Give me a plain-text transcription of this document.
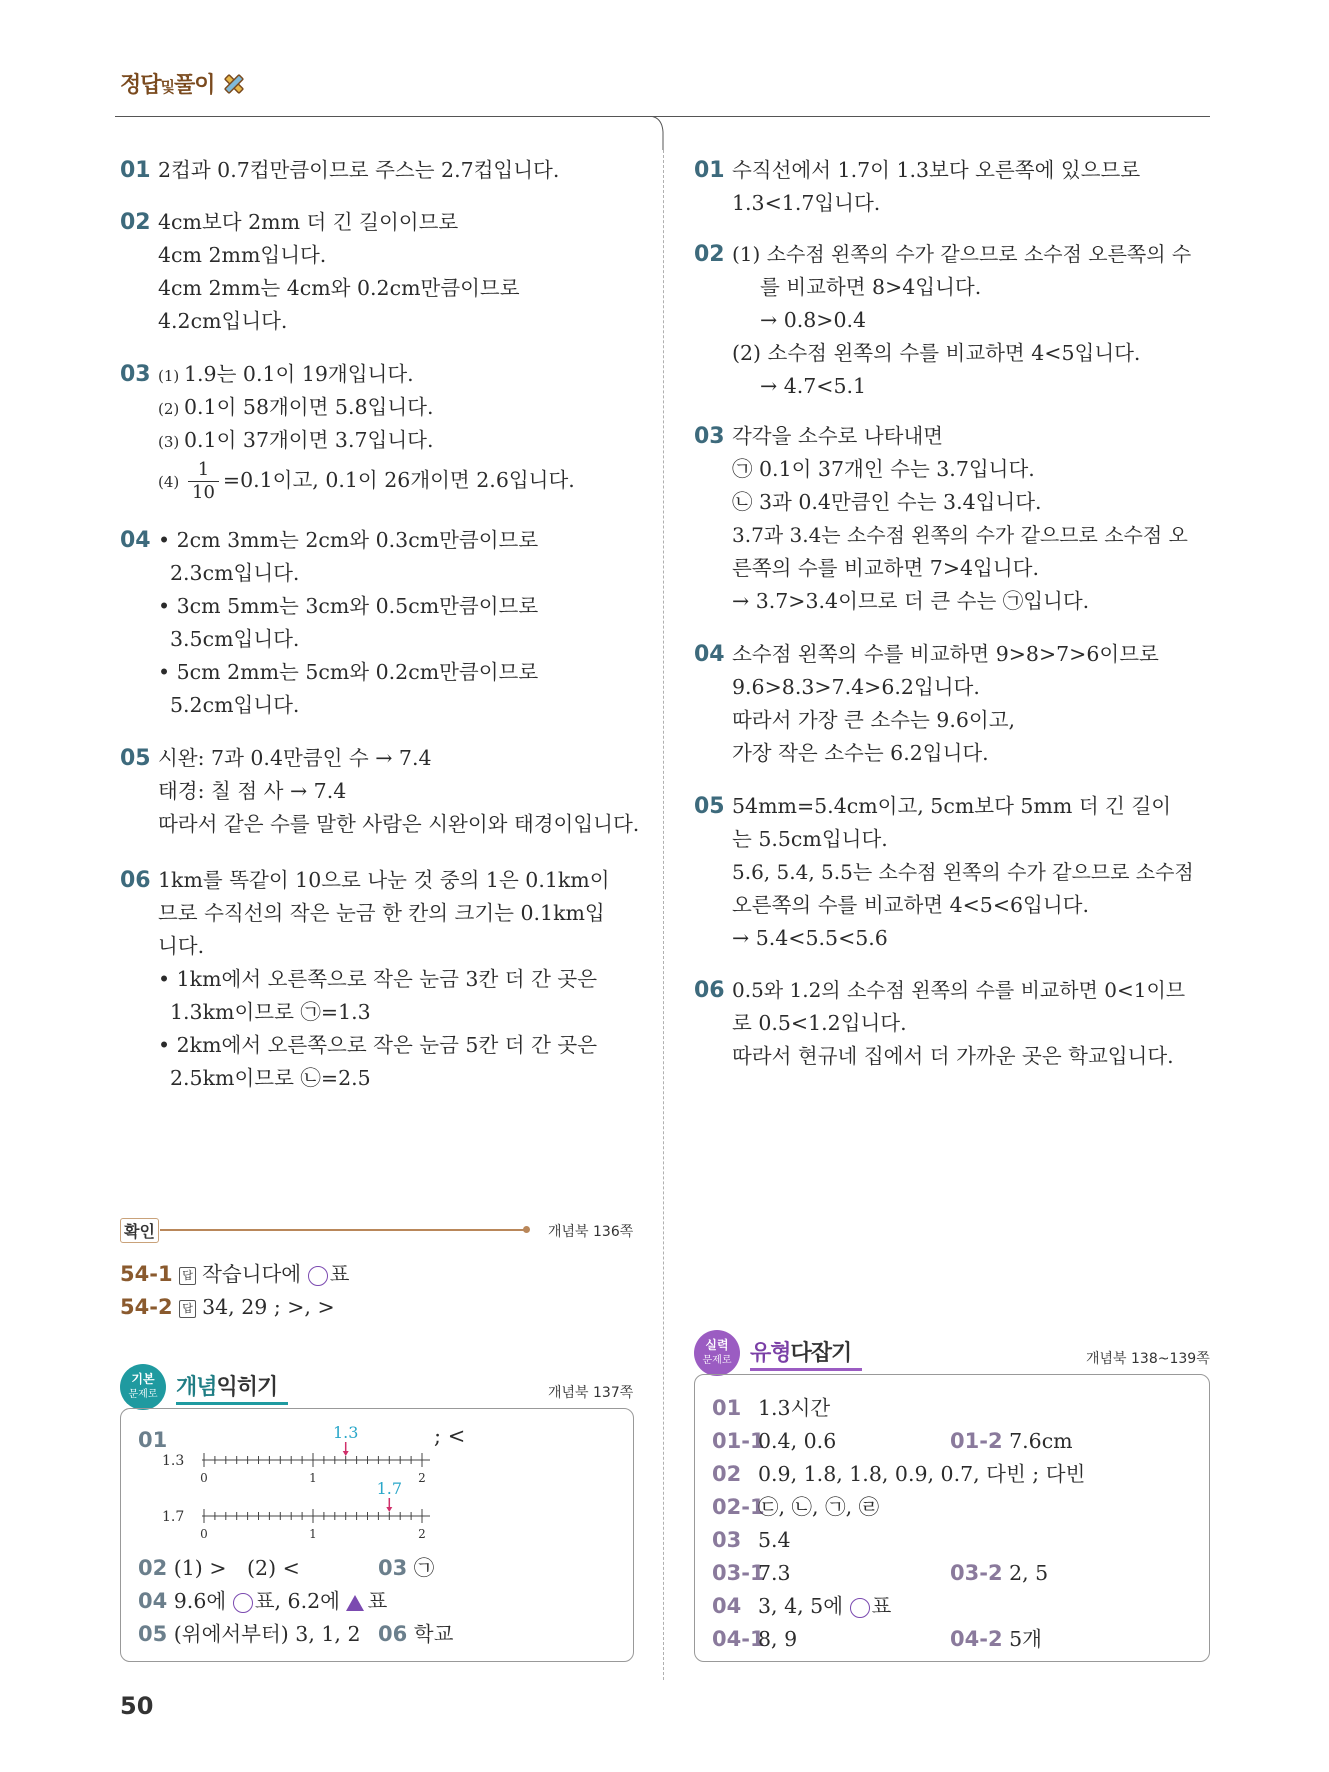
정답및풀이
01 2컵과 0.7컵만큼이므로 주스는 2.7컵입니다.
02 4cm보다 2mm 더 긴 길이이므로
4cm 2mm입니다.
4cm 2mm는 4cm와 0.2cm만큼이므로
4.2cm입니다.
03 (1) 1.9는 0.1이 19개입니다.
(2) 0.1이 58개이면 5.8입니다.
(3) 0.1이 37개이면 3.7입니다.
$(4) \frac{1}{10} =0.1$이고, 0.1이 26개이면 2.6입니다.
04 • 2cm 3mm는 2cm와 0.3cm만큼이므로
2.3cm입니다.
• 3cm 5mm는 3cm와 0.5cm만큼이므로
3.5cm입니다.
• 5cm 2mm는 5cm와 0.2cm만큼이므로
5.2cm입니다.
05 시완: 7과 0.4만큼인 수 → 7.4
태경: 칠 점 사 → 7.4
따라서 같은 수를 말한 사람은 시완이와 태경이입니다.
06 1km를 똑같이 10으로 나눈 것 중의 1은 0.1km이
므로 수직선의 작은 눈금 한 칸의 크기는 0.1km입
니다.
• 1km에서 오른쪽으로 작은 눈금 3칸 더 간 곳은
1.3km이므로 ㉠=1.3
• 2km에서 오른쪽으로 작은 눈금 5칸 더 간 곳은
2.5km이므로 ㉡=2.5
01 수직선에서 1.7이 1.3보다 오른쪽에 있으므로
1.3<1.7입니다.
02 (1) 소수점 왼쪽의 수가 같으므로 소수점 오른쪽의 수
를 비교하면 8>4입니다.
→ 0.8>0.4
(2) 소수점 왼쪽의 수를 비교하면 4<5입니다.
→ 4.7<5.1
03 각각을 소수로 나타내면
㉠ 0.1이 37개인 수는 3.7입니다.
㉡ 3과 0.4만큼인 수는 3.4입니다.
3.7과 3.4는 소수점 왼쪽의 수가 같으므로 소수점 오
른쪽의 수를 비교하면 7>4입니다.
→ 3.7>3.4이므로 더 큰 수는 ㉠입니다.
04 소수점 왼쪽의 수를 비교하면 9>8>7>6이므로
9.6>8.3>7.4>6.2입니다.
따라서 가장 큰 소수는 9.6이고,
가장 작은 소수는 6.2입니다.
05 54mm=5.4cm이고, 5cm보다 5mm 더 긴 길이
는 5.5cm입니다.
5.6, 5.4, 5.5는 소수점 왼쪽의 수가 같으므로 소수점
오른쪽의 수를 비교하면 4<5<6입니다.
→ 5.4<5.5<5.6
06 0.5와 1.2의 소수점 왼쪽의 수를 비교하면 0<1이므
로 0.5<1.2입니다.
따라서 현규네 집에서 더 가까운 곳은 학교입니다.
확인	개념북 136쪽
54-1 답 작습니다에 ○ 표
54-2 답 34, 29 ; >, >
기본
문제로 개념익히기	개념북 137쪽
01	; <
1.3
0	1	2
1.3
1.7
0	1	2
1.7
02 (1) > (2) <	03 ㉠
04 9.6에 ○ 표, 6.2에 표
05 (위에서부터) 3, 1, 2 06 학교
실력
문제로 유형다잡기	개념북 138~139쪽
01 1.3시간
01-10.4, 0.6	01-2 7.6cm
02 0.9, 1.8, 1.8, 0.9, 0.7, 다빈 ; 다빈
02-1㉢, ㉡, ㉠, ㉣
03 5.4
03-17.3	03-2 2, 5
04 3, 4, 5에 ○ 표
04-18, 9	04-2 5개
50
